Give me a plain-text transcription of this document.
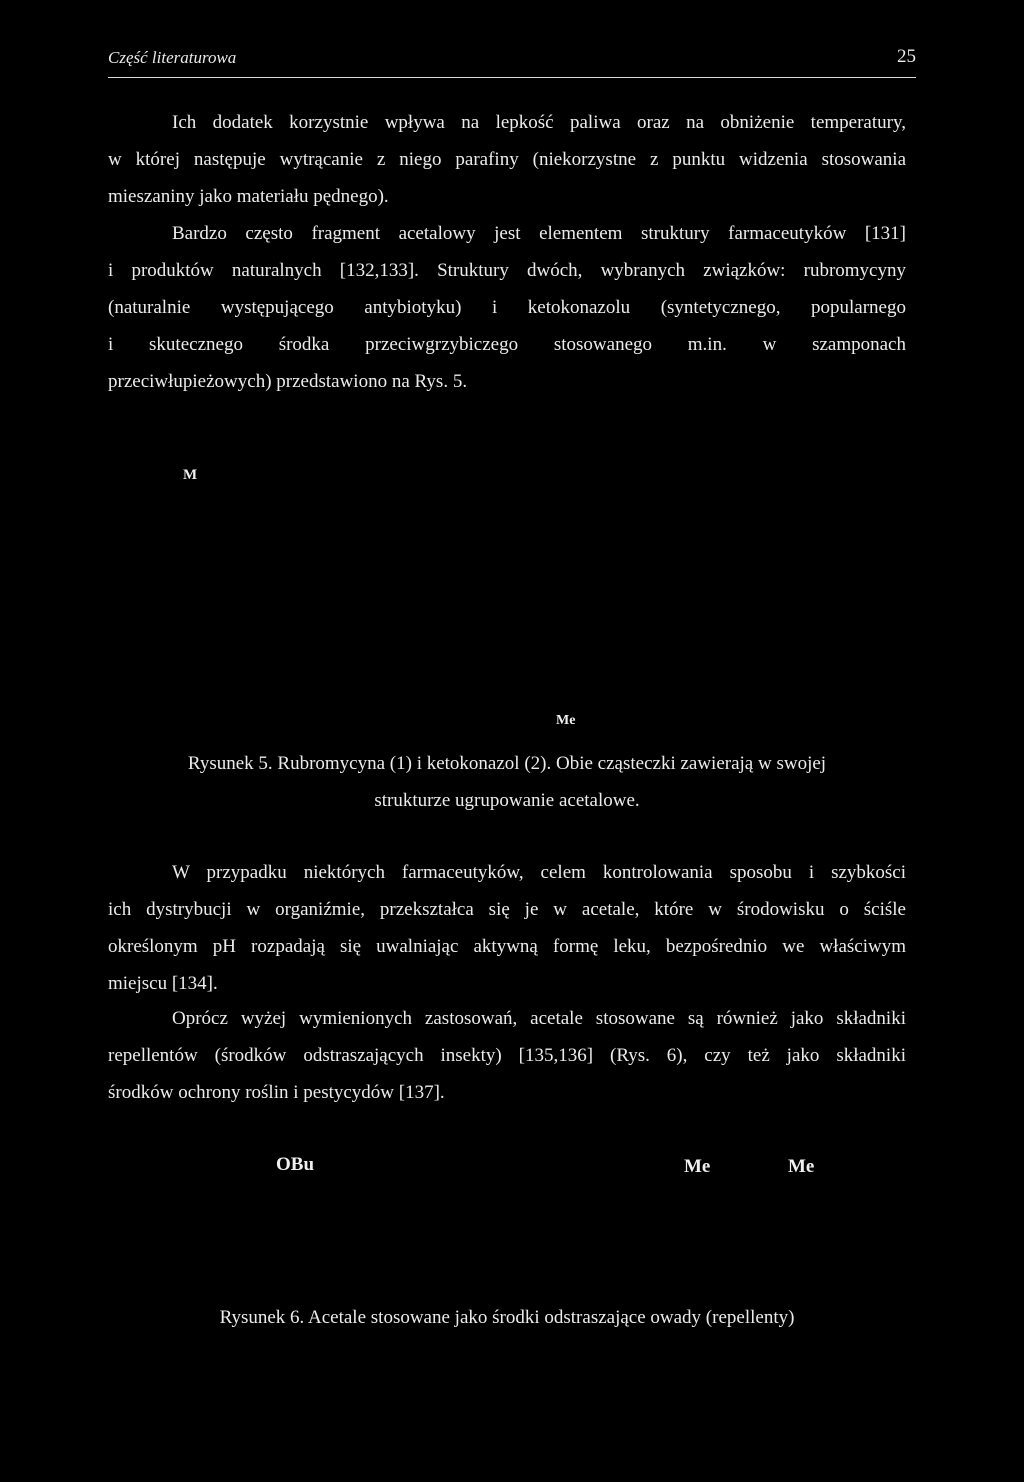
Część literaturowa	25
Ich dodatek korzystnie wpływa na lepkość paliwa oraz na obniżenie temperatury,
w której następuje wytrącanie z niego parafiny (niekorzystne z punktu widzenia stosowania
mieszaniny jako materiału pędnego).
Bardzo często fragment acetalowy jest elementem struktury farmaceutyków [131]
i produktów naturalnych [132,133]. Struktury dwóch, wybranych związków: rubromycyny
(naturalnie występującego antybiotyku) i ketokonazolu (syntetycznego, popularnego
i skutecznego środka przeciwgrzybiczego stosowanego m.in. w szamponach
przeciwłupieżowych) przedstawiono na Rys. 5.
M
Me
Rysunek 5. Rubromycyna (1) i ketokonazol (2). Obie cząsteczki zawierają w swojej
strukturze ugrupowanie acetalowe.
W przypadku niektórych farmaceutyków, celem kontrolowania sposobu i szybkości
ich dystrybucji w organiźmie, przekształca się je w acetale, które w środowisku o ściśle
określonym pH rozpadają się uwalniając aktywną formę leku, bezpośrednio we właściwym
miejscu [134].
Oprócz wyżej wymienionych zastosowań, acetale stosowane są również jako składniki
repellentów (środków odstraszających insekty) [135,136] (Rys. 6), czy też jako składniki
środków ochrony roślin i pestycydów [137].
OBu	Me	Me
Rysunek 6. Acetale stosowane jako środki odstraszające owady (repellenty)
